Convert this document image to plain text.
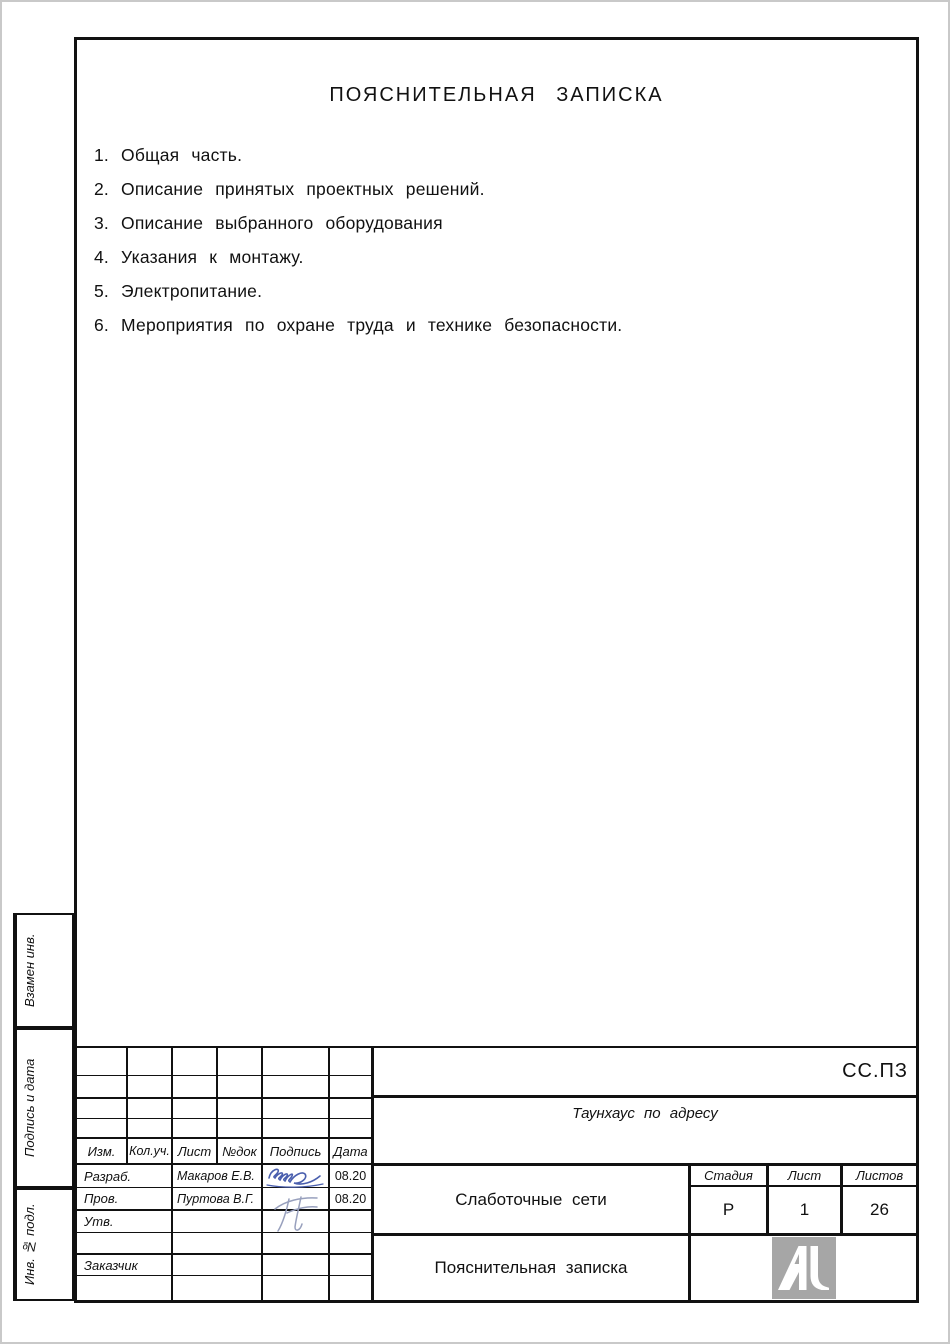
ПОЯСНИТЕЛЬНАЯ ЗАПИСКА
1. Общая часть.
2. Описание принятых проектных решений.
3. Описание выбранного оборудования
4. Указания к монтажу.
5. Электропитание.
6. Мероприятия по охране труда и технике безопасности.
Изм.	Кол.уч. Лист №док Подпись Дата
Разраб.	Макаров Е.В.	08.20
Пров.	Пуртова В.Г.	08.20
Утв.
Заказчик
СС.ПЗ
Таунхаус по адресу
Слаботочные сети
Стадия	Лист	Листов
Р	1	26
Пояснительная записка
Взамен инв.
Подпись и дата
Инв. № подл.
